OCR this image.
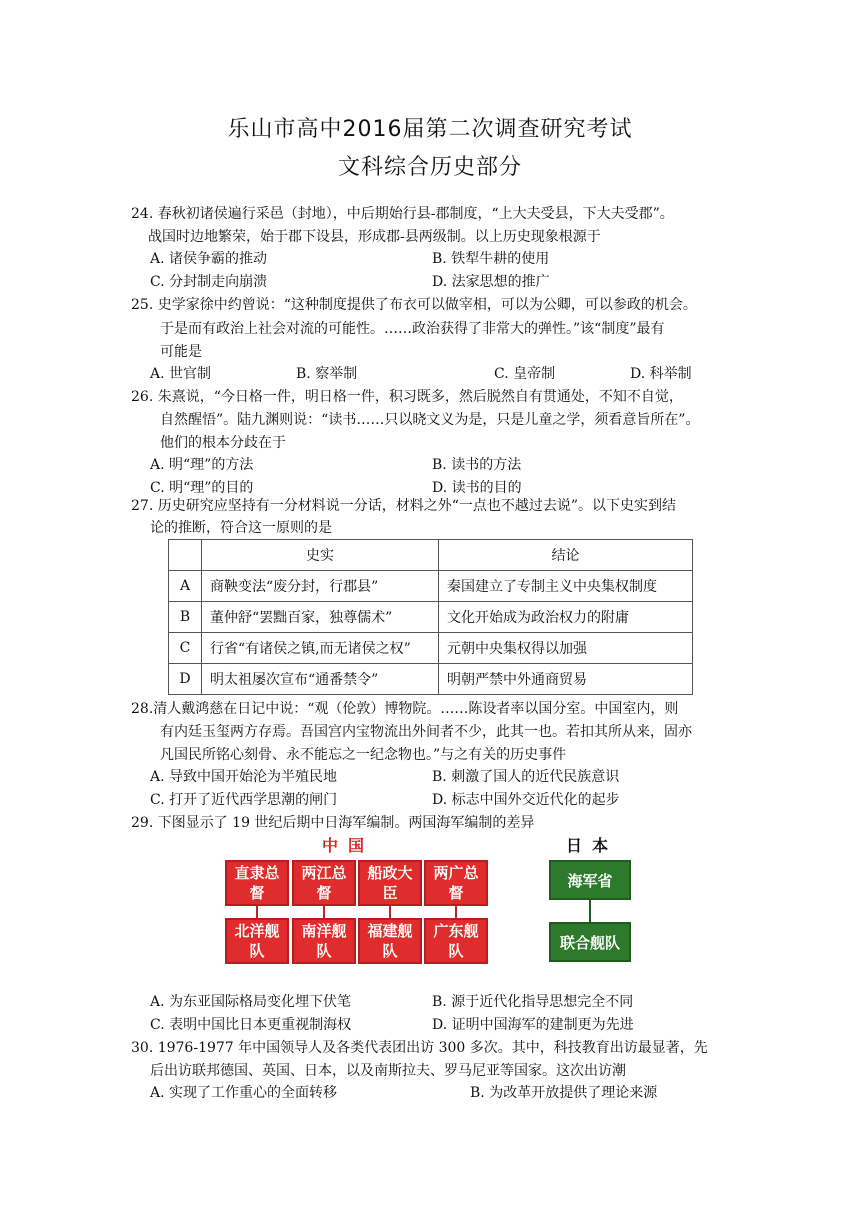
乐山市高中2016届第二次调查研究考试
文科综合历史部分
24. 春秋初诸侯遍行采邑（封地），中后期始行县-郡制度，“上大夫受县，下大夫受郡”。
战国时边地繁荣，始于郡下设县，形成郡-县两级制。以上历史现象根源于
A. 诸侯争霸的推动	B. 铁犁牛耕的使用
C. 分封制走向崩溃	D. 法家思想的推广
25. 史学家徐中约曾说：“这种制度提供了布衣可以做宰相，可以为公卿，可以参政的机会。
于是而有政治上社会对流的可能性。……政治获得了非常大的弹性。”该“制度”最有
可能是
A. 世官制	B. 察举制	C. 皇帝制	D. 科举制
26. 朱熹说，“今日格一件，明日格一件，积习既多，然后脱然自有贯通处，不知不自觉，
自然醒悟”。陆九渊则说：“读书……只以晓文义为是，只是儿童之学，须看意旨所在”。
他们的根本分歧在于
A. 明“理”的方法	B. 读书的方法
C. 明“理”的目的	D. 读书的目的
27. 历史研究应坚持有一分材料说一分话，材料之外“一点也不越过去说”。以下史实到结
论的推断，符合这一原则的是
	史实	结论
A	商鞅变法“废分封，行郡县”	秦国建立了专制主义中央集权制度
B	董仲舒“罢黜百家，独尊儒术”	文化开始成为政治权力的附庸
C	行省“有诸侯之镇,而无诸侯之权”	元朝中央集权得以加强
D	明太祖屡次宣布“通番禁令”	明朝严禁中外通商贸易
28.清人戴鸿慈在日记中说：“观（伦敦）博物院。……陈设者率以国分室。中国室内，则
有内廷玉玺两方存焉。吾国宫内宝物流出外间者不少，此其一也。若扣其所从来，固亦
凡国民所铭心刻骨、永不能忘之一纪念物也。”与之有关的历史事件
A. 导致中国开始沦为半殖民地	B. 刺激了国人的近代民族意识
C. 打开了近代西学思潮的闸门	D. 标志中国外交近代化的起步
29. 下图显示了 19 世纪后期中日海军编制。两国海军编制的差异
中国	日本
直隶总督
两江总督
船政大臣
两广总督
北洋舰队
南洋舰队
福建舰队
广东舰队
海军省
联合舰队
A. 为东亚国际格局变化埋下伏笔	B. 源于近代化指导思想完全不同
C. 表明中国比日本更重视制海权	D. 证明中国海军的建制更为先进
30. 1976-1977 年中国领导人及各类代表团出访 300 多次。其中，科技教育出访最显著，先
后出访联邦德国、英国、日本，以及南斯拉夫、罗马尼亚等国家。这次出访潮
A. 实现了工作重心的全面转移	B. 为改革开放提供了理论来源
